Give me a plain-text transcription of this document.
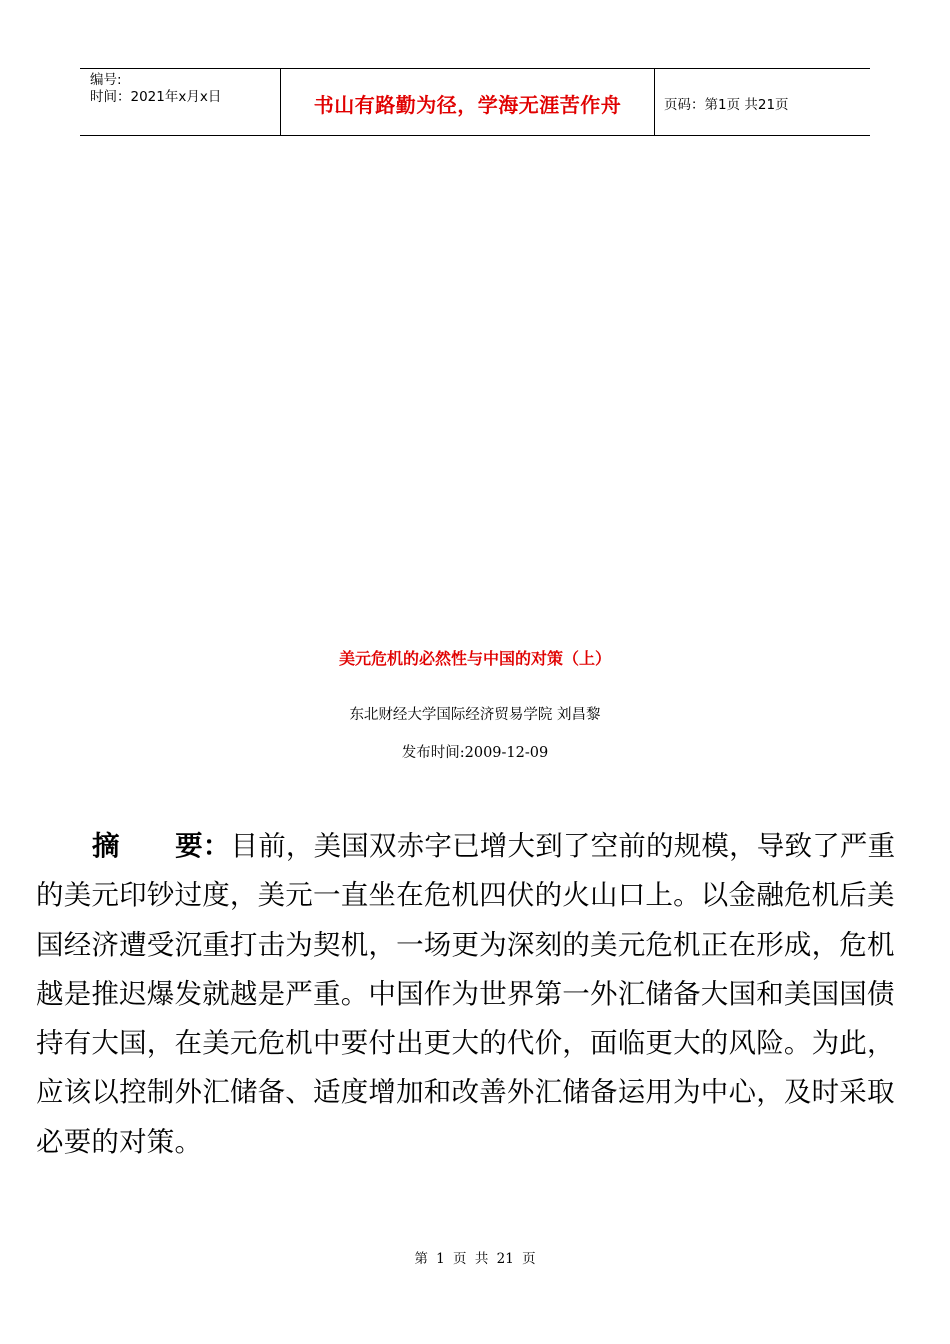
编号:
时间：2021年x月x日	书山有路勤为径，学海无涯苦作舟	页码：第1页 共21页
美元危机的必然性与中国的对策（上）
东北财经大学国际经济贸易学院 刘昌黎
发布时间:2009-12-09
摘　　要：目前，美国双赤字已增大到了空前的规模，导致了严重的美元印钞过度，美元一直坐在危机四伏的火山口上。以金融危机后美国经济遭受沉重打击为契机，一场更为深刻的美元危机正在形成，危机越是推迟爆发就越是严重。中国作为世界第一外汇储备大国和美国国债持有大国，在美元危机中要付出更大的代价，面临更大的风险。为此，应该以控制外汇储备、适度增加和改善外汇储备运用为中心，及时采取必要的对策。
第 1 页 共 21 页
